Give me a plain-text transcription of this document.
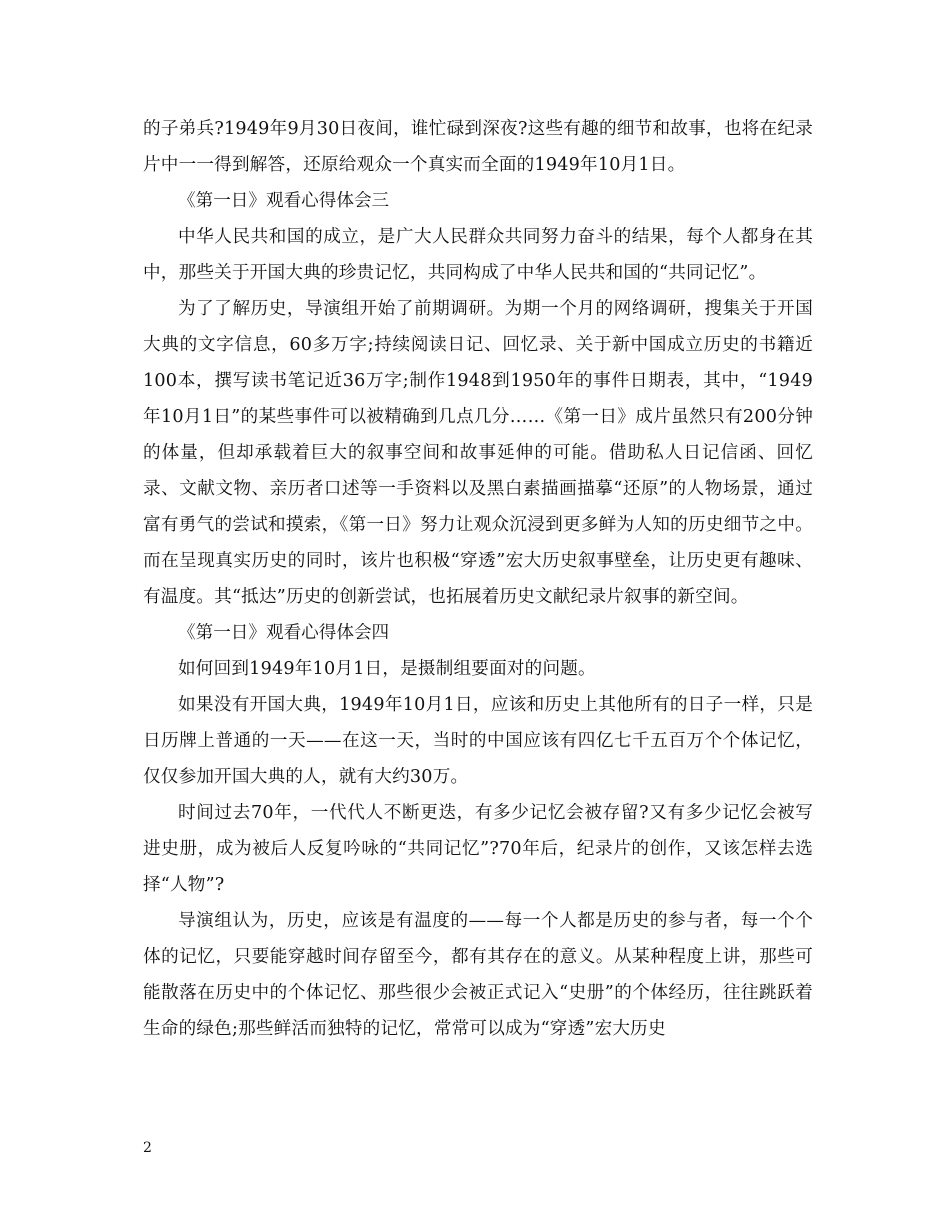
的子弟兵?1949年9月30日夜间，谁忙碌到深夜?这些有趣的细节和故事，也将在纪录片中一一得到解答，还原给观众一个真实而全面的1949年10月1日。

《第一日》观看心得体会三

中华人民共和国的成立，是广大人民群众共同努力奋斗的结果，每个人都身在其中，那些关于开国大典的珍贵记忆，共同构成了中华人民共和国的“共同记忆”。

为了了解历史，导演组开始了前期调研。为期一个月的网络调研，搜集关于开国大典的文字信息，60多万字;持续阅读日记、回忆录、关于新中国成立历史的书籍近100本，撰写读书笔记近36万字;制作1948到1950年的事件日期表，其中，“1949年10月1日”的某些事件可以被精确到几点几分……《第一日》成片虽然只有200分钟的体量，但却承载着巨大的叙事空间和故事延伸的可能。借助私人日记信函、回忆录、文献文物、亲历者口述等一手资料以及黑白素描画描摹“还原”的人物场景，通过富有勇气的尝试和摸索，《第一日》努力让观众沉浸到更多鲜为人知的历史细节之中。而在呈现真实历史的同时，该片也积极“穿透”宏大历史叙事壁垒，让历史更有趣味、有温度。其“抵达”历史的创新尝试，也拓展着历史文献纪录片叙事的新空间。

《第一日》观看心得体会四

如何回到1949年10月1日，是摄制组要面对的问题。

如果没有开国大典，1949年10月1日，应该和历史上其他所有的日子一样，只是日历牌上普通的一天——在这一天，当时的中国应该有四亿七千五百万个个体记忆，仅仅参加开国大典的人，就有大约30万。

时间过去70年，一代代人不断更迭，有多少记忆会被存留?又有多少记忆会被写进史册，成为被后人反复吟咏的“共同记忆”?70年后，纪录片的创作，又该怎样去选择“人物”?

导演组认为，历史，应该是有温度的——每一个人都是历史的参与者，每一个个体的记忆，只要能穿越时间存留至今，都有其存在的意义。从某种程度上讲，那些可能散落在历史中的个体记忆、那些很少会被正式记入“史册”的个体经历，往往跳跃着生命的绿色;那些鲜活而独特的记忆，常常可以成为“穿透”宏大历史

2
